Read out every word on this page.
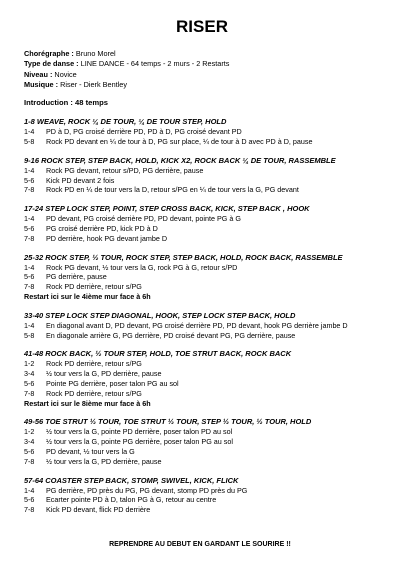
RISER
Chorégraphe : Bruno Morel
Type de danse : LINE DANCE - 64 temps - 2 murs - 2 Restarts
Niveau : Novice
Musique : Riser - Dierk Bentley
Introduction : 48 temps
1-8 WEAVE, ROCK ¼ DE TOUR, ¼ DE TOUR STEP, HOLD
1-4	PD à D, PG croisé derrière PD, PD à D, PG croisé devant PD
5-8	Rock PD devant en ¼ de tour à D, PG sur place, ¼ de tour à D avec PD à D, pause
9-16 ROCK STEP, STEP BACK, HOLD, KICK X2, ROCK BACK ¼ DE TOUR, RASSEMBLE
1-4	Rock PG devant, retour s/PD, PG derrière, pause
5-6	Kick PD devant 2 fois
7-8	Rock PD en ¼ de tour vers la D, retour s/PG en ¼ de tour vers la G, PG devant
17-24 STEP LOCK STEP, POINT, STEP CROSS BACK, KICK, STEP BACK , HOOK
1-4	PD devant, PG croisé derrière PD, PD devant, pointe PG à G
5-6	PG croisé derrière PD, kick PD à D
7-8	PD derrière, hook PG devant jambe D
25-32 ROCK STEP, ½ TOUR, ROCK STEP, STEP BACK, HOLD, ROCK BACK, RASSEMBLE
1-4	Rock PG devant, ½ tour vers la G, rock PG à G, retour s/PD
5-6	PG derrière, pause
7-8	Rock PD derrière, retour s/PG
Restart ici sur le 4ième mur face à 6h
33-40 STEP LOCK STEP DIAGONAL, HOOK, STEP LOCK STEP BACK, HOLD
1-4	En diagonal avant D, PD devant, PG croisé derrière PD, PD devant, hook PG derrière jambe D
5-8	En diagonale arrière G, PG derrière, PD croisé devant PG, PG derrière, pause
41-48 ROCK BACK, ½ TOUR STEP, HOLD, TOE STRUT BACK, ROCK BACK
1-2	Rock PD derrière, retour s/PG
3-4	½ tour vers la G, PD derrière, pause
5-6	Pointe PG derrière, poser talon PG au sol
7-8	Rock PD derrière, retour s/PG
Restart ici sur le 8ième mur face à 6h
49-56 TOE STRUT ½ TOUR, TOE STRUT ½ TOUR, STEP ½ TOUR, ½ TOUR, HOLD
1-2	½ tour vers la G, pointe PD derrière, poser talon PD au sol
3-4	½ tour vers la G, pointe PG derrière, poser talon PG au sol
5-6	PD devant, ½ tour vers la G
7-8	½ tour vers la G, PD derrière, pause
57-64 COASTER STEP BACK, STOMP, SWIVEL, KICK, FLICK
1-4	PG derrière, PD près du PG, PG devant, stomp PD près du PG
5-6	Ecarter pointe PD à D, talon PG à G, retour au centre
7-8	Kick PD devant, flick PD derrière
REPRENDRE AU DEBUT EN GARDANT LE SOURIRE !!
